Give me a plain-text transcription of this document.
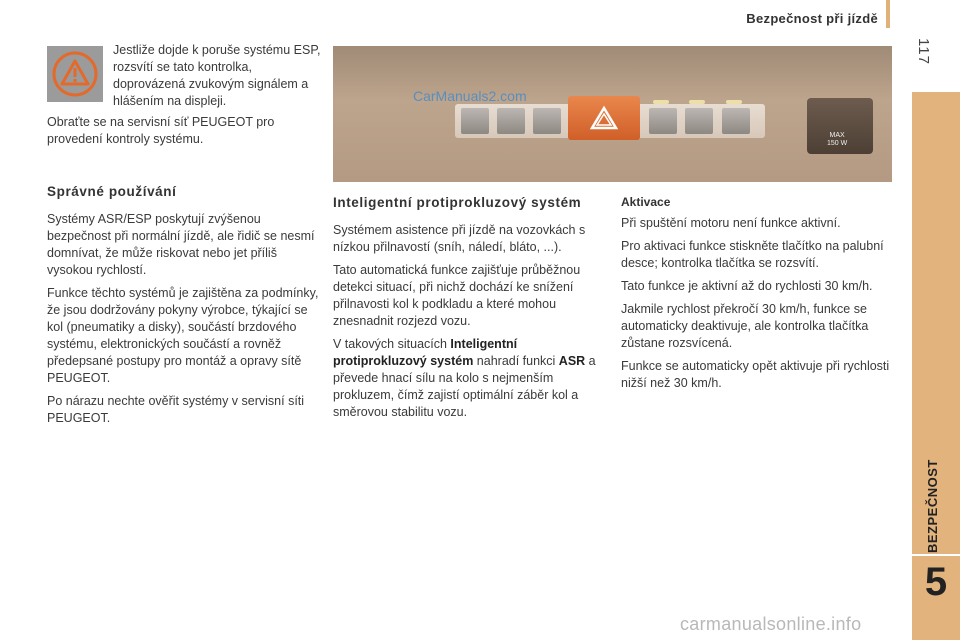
Bezpečnost při jízdě
117
BEZPEČNOST
5

Jestliže dojde k poruše systému ESP, rozsvítí se tato kontrolka, doprovázená zvukovým signálem a hlášením na displeji.

Obraťte se na servisní síť PEUGEOT pro provedení kontroly systému.

Správné používání

Systémy ASR/ESP poskytují zvýšenou bezpečnost při normální jízdě, ale řidič se nesmí domnívat, že může riskovat nebo jet příliš vysokou rychlostí.

Funkce těchto systémů je zajištěna za podmínky, že jsou dodržovány pokyny výrobce, týkající se kol (pneumatiky a disky), součástí brzdového systému, elektronických součástí a rovněž předepsané postupy pro montáž a opravy sítě PEUGEOT.

Po nárazu nechte ověřit systémy v servisní síti PEUGEOT.

MAX
150 W
CarManuals2.com
Inteligentní protiprokluzový systém

Systémem asistence při jízdě na vozovkách s nízkou přilnavostí (sníh, náledí, bláto, ...).

Tato automatická funkce zajišťuje průběžnou detekci situací, při nichž dochází ke snížení přilnavosti kol k podkladu a které mohou znesnadnit rozjezd vozu.

V takových situacích Inteligentní protiprokluzový systém nahradí funkci ASR a převede hnací sílu na kolo s nejmenším prokluzem, čímž zajistí optimální záběr kol a směrovou stabilitu vozu.

Aktivace

Při spuštění motoru není funkce aktivní.

Pro aktivaci funkce stiskněte tlačítko na palubní desce; kontrolka tlačítka se rozsvítí.

Tato funkce je aktivní až do rychlosti 30 km/h.

Jakmile rychlost překročí 30 km/h, funkce se automaticky deaktivuje, ale kontrolka tlačítka zůstane rozsvícená.

Funkce se automaticky opět aktivuje při rychlosti nižší než 30 km/h.

carmanualsonline.info
